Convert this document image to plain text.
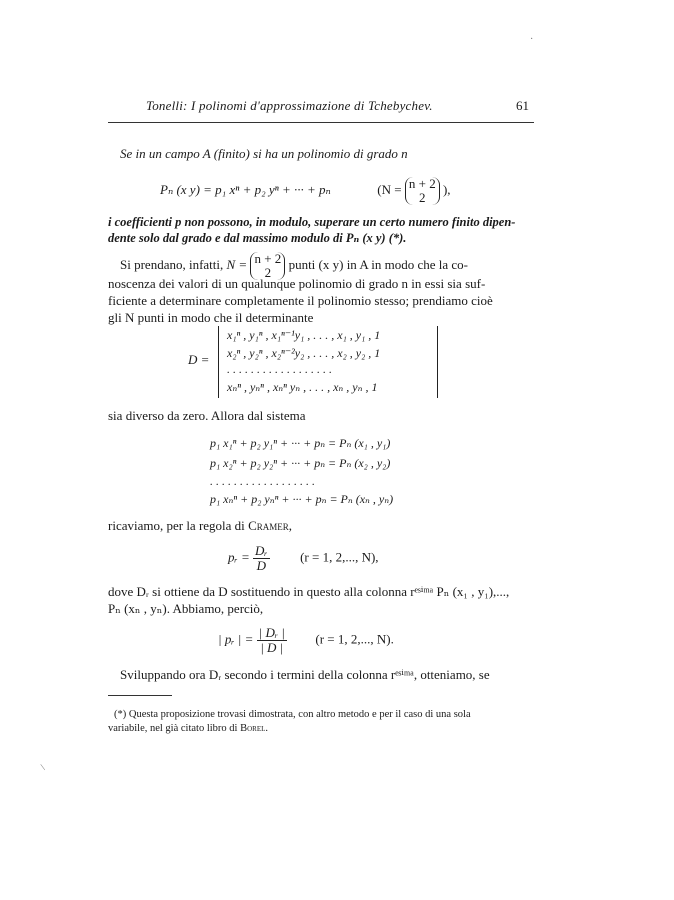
Tonelli: I polinomi d'approssimazione di Tchebychev.	61
Se in un campo A (finito) si ha un polinomio di grado n
Pₙ (x y) = p₁ xⁿ + p₂ yⁿ + ··· + pₙ	(N = n + 2
2
),
i coefficienti p non possono, in modulo, superare un certo numero finito dipen-
dente solo dal grado e dal massimo modulo di Pₙ (x y) (*).
Si prendano, infatti, N = n + 2
2
punti (x y) in A in modo che la co-
noscenza dei valori di un qualunque polinomio di grado n in essi sia suf-
ficiente a determinare completamente il polinomio stesso; prendiamo cioè
gli N punti in modo che il determinante
D =
x₁ⁿ , y₁ⁿ , x₁ⁿ⁻¹y₁ , . . . , x₁ , y₁ , 1
x₂ⁿ , y₂ⁿ , x₂ⁿ⁻²y₂ , . . . , x₂ , y₂ , 1
. . . . . . . . . . . . . . . . . .
xₙⁿ , yₙⁿ , xₙⁿ yₙ , . . . , xₙ , yₙ , 1
sia diverso da zero. Allora dal sistema
p₁ x₁ⁿ + p₂ y₁ⁿ + ··· + pₙ = Pₙ (x₁ , y₁)
p₁ x₂ⁿ + p₂ y₂ⁿ + ··· + pₙ = Pₙ (x₂ , y₂)
. . . . . . . . . . . . . . . . . .
p₁ xₙⁿ + p₂ yₙⁿ + ··· + pₙ = Pₙ (xₙ , yₙ)
ricaviamo, per la regola di Cramer,
pᵣ = $\frac{\text{Dᵣ}}{D} (r = 1$, 2,..., N),
dove Dᵣ si ottiene da D sostituendo in questo alla colonna rᵉˢⁱᵐᵃ Pₙ (x₁ , y₁),...,
Pₙ (xₙ , yₙ). Abbiamo, perciò,
| pᵣ | = $\frac{\text{| Dᵣ |}}{| D |} (r = 1$, 2,..., N).
Sviluppando ora Dᵣ secondo i termini della colonna rᵉˢⁱᵐᵃ, otteniamo, se
(*) Questa proposizione trovasi dimostrata, con altro metodo e per il caso di una sola
variabile, nel già citato libro di Borel.
/
·
